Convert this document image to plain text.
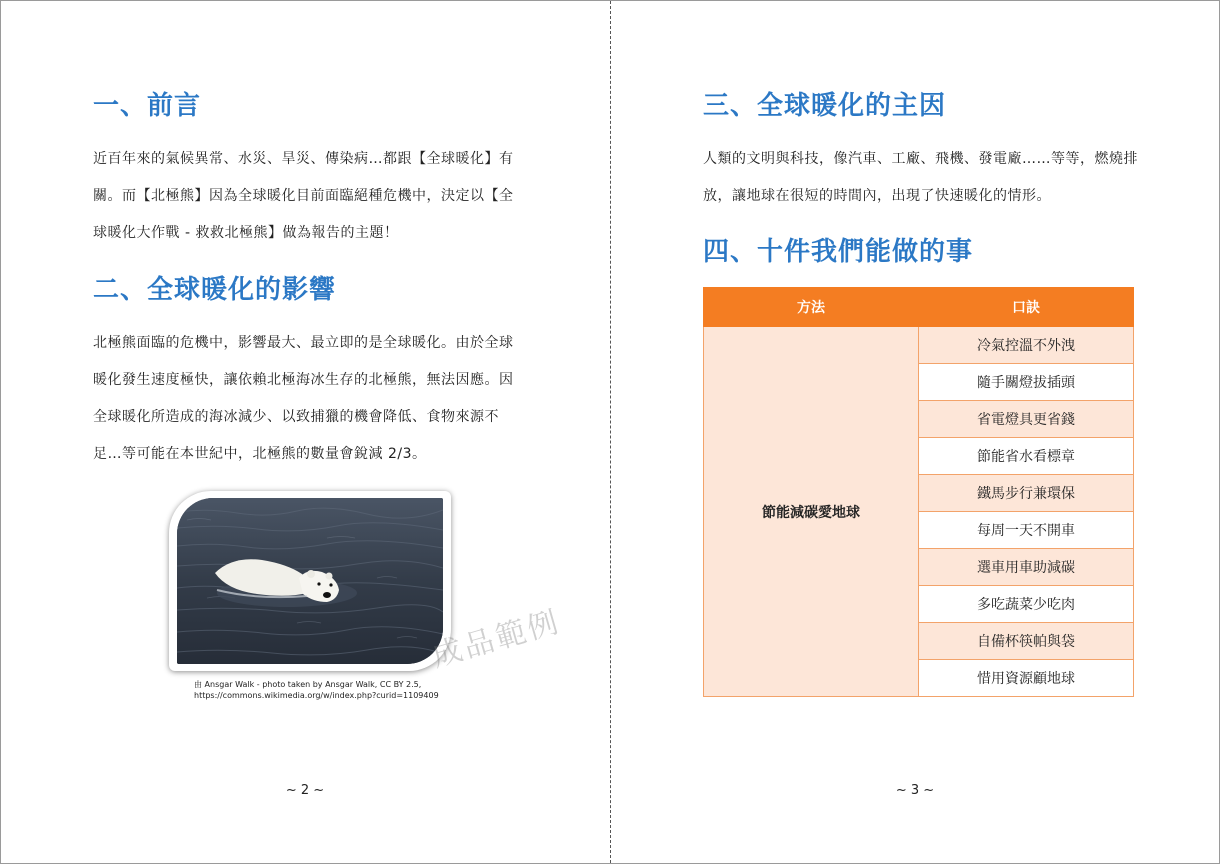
一、前言
近百年來的氣候異常、水災、旱災、傳染病…都跟【全球暖化】有
關。而【北極熊】因為全球暖化目前面臨絕種危機中，決定以【全
球暖化大作戰 - 救救北極熊】做為報告的主題！
二、全球暖化的影響
北極熊面臨的危機中，影響最大、最立即的是全球暖化。由於全球
暖化發生速度極快，讓依賴北極海冰生存的北極熊，無法因應。因
全球暖化所造成的海冰減少、以致捕獵的機會降低、食物來源不
足…等可能在本世紀中，北極熊的數量會銳減 2/3。
由 Ansgar Walk - photo taken by Ansgar Walk, CC BY 2.5,
https://commons.wikimedia.org/w/index.php?curid=1109409
成品範例
~ 2 ~
三、全球暖化的主因
人類的文明與科技，像汽車、工廠、飛機、發電廠……等等，燃燒排
放，讓地球在很短的時間內，出現了快速暖化的情形。
四、十件我們能做的事
方法	口訣
節能減碳愛地球	冷氣控溫不外洩
	隨手關燈拔插頭
	省電燈具更省錢
	節能省水看標章
	鐵馬步行兼環保
	每周一天不開車
	選車用車助減碳
	多吃蔬菜少吃肉
	自備杯筷帕與袋
	惜用資源顧地球
~ 3 ~
